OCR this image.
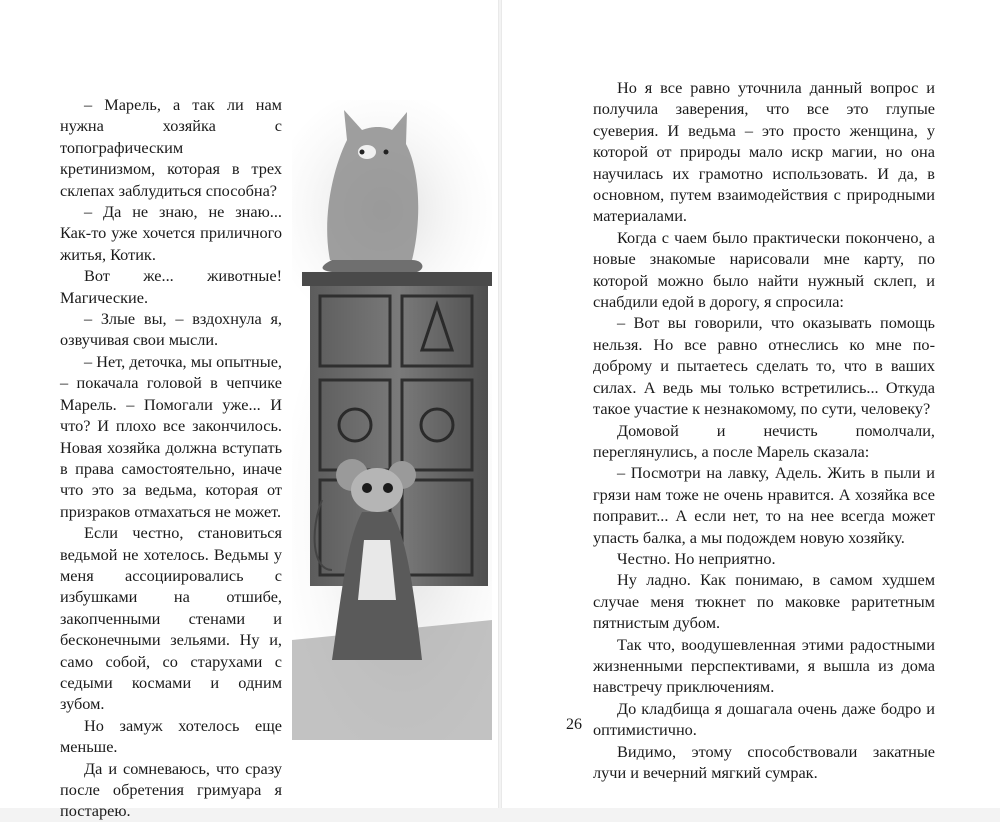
– Марель, а так ли нам нужна хозяйка с топографическим кретинизмом, которая в трех склепах заблудиться способна?

– Да не знаю, не знаю... Как-то уже хочется приличного житья, Котик.

Вот же... животные! Магические.

– Злые вы, – вздохнула я, озвучивая свои мысли.

– Нет, деточка, мы опытные, – покачала головой в чепчике Марель. – Помогали уже... И что? И плохо все закончилось. Новая хозяйка должна вступать в права самостоятельно, иначе что это за ведьма, которая от призраков отмахаться не может.

Если честно, становиться ведьмой не хотелось. Ведьмы у меня ассоциировались с избушками на отшибе, закопченными стенами и бесконечными зельями. Ну и, само собой, со старухами с седыми космами и одним зубом.

Но замуж хотелось еще меньше.

Да и сомневаюсь, что сразу после обретения гримуара я постарею.

Но я все равно уточнила данный вопрос и получила заверения, что все это глупые суеверия. И ведьма – это просто женщина, у которой от природы мало искр магии, но она научилась их грамотно использовать. И да, в основном, путем взаимодействия с природными материалами.

Когда с чаем было практически покончено, а новые знакомые нарисовали мне карту, по которой можно было найти нужный склеп, и снабдили едой в дорогу, я спросила:

– Вот вы говорили, что оказывать помощь нельзя. Но все равно отнеслись ко мне по-доброму и пытаетесь сделать то, что в ваших силах. А ведь мы только встретились... Откуда такое участие к незнакомому, по сути, человеку?

Домовой и нечисть помолчали, переглянулись, а после Марель сказала:

– Посмотри на лавку, Адель. Жить в пыли и грязи нам тоже не очень нравится. А хозяйка все поправит... А если нет, то на нее всегда может упасть балка, а мы подождем новую хозяйку.

Честно. Но неприятно.

Ну ладно. Как понимаю, в самом худшем случае меня тюкнет по маковке раритетным пятнистым дубом.

Так что, воодушевленная этими радостными жизненными перспективами, я вышла из дома навстречу приключениям.

До кладбища я дошагала очень даже бодро и оптимистично.

Видимо, этому способствовали закатные лучи и вечерний мягкий сумрак.

26
